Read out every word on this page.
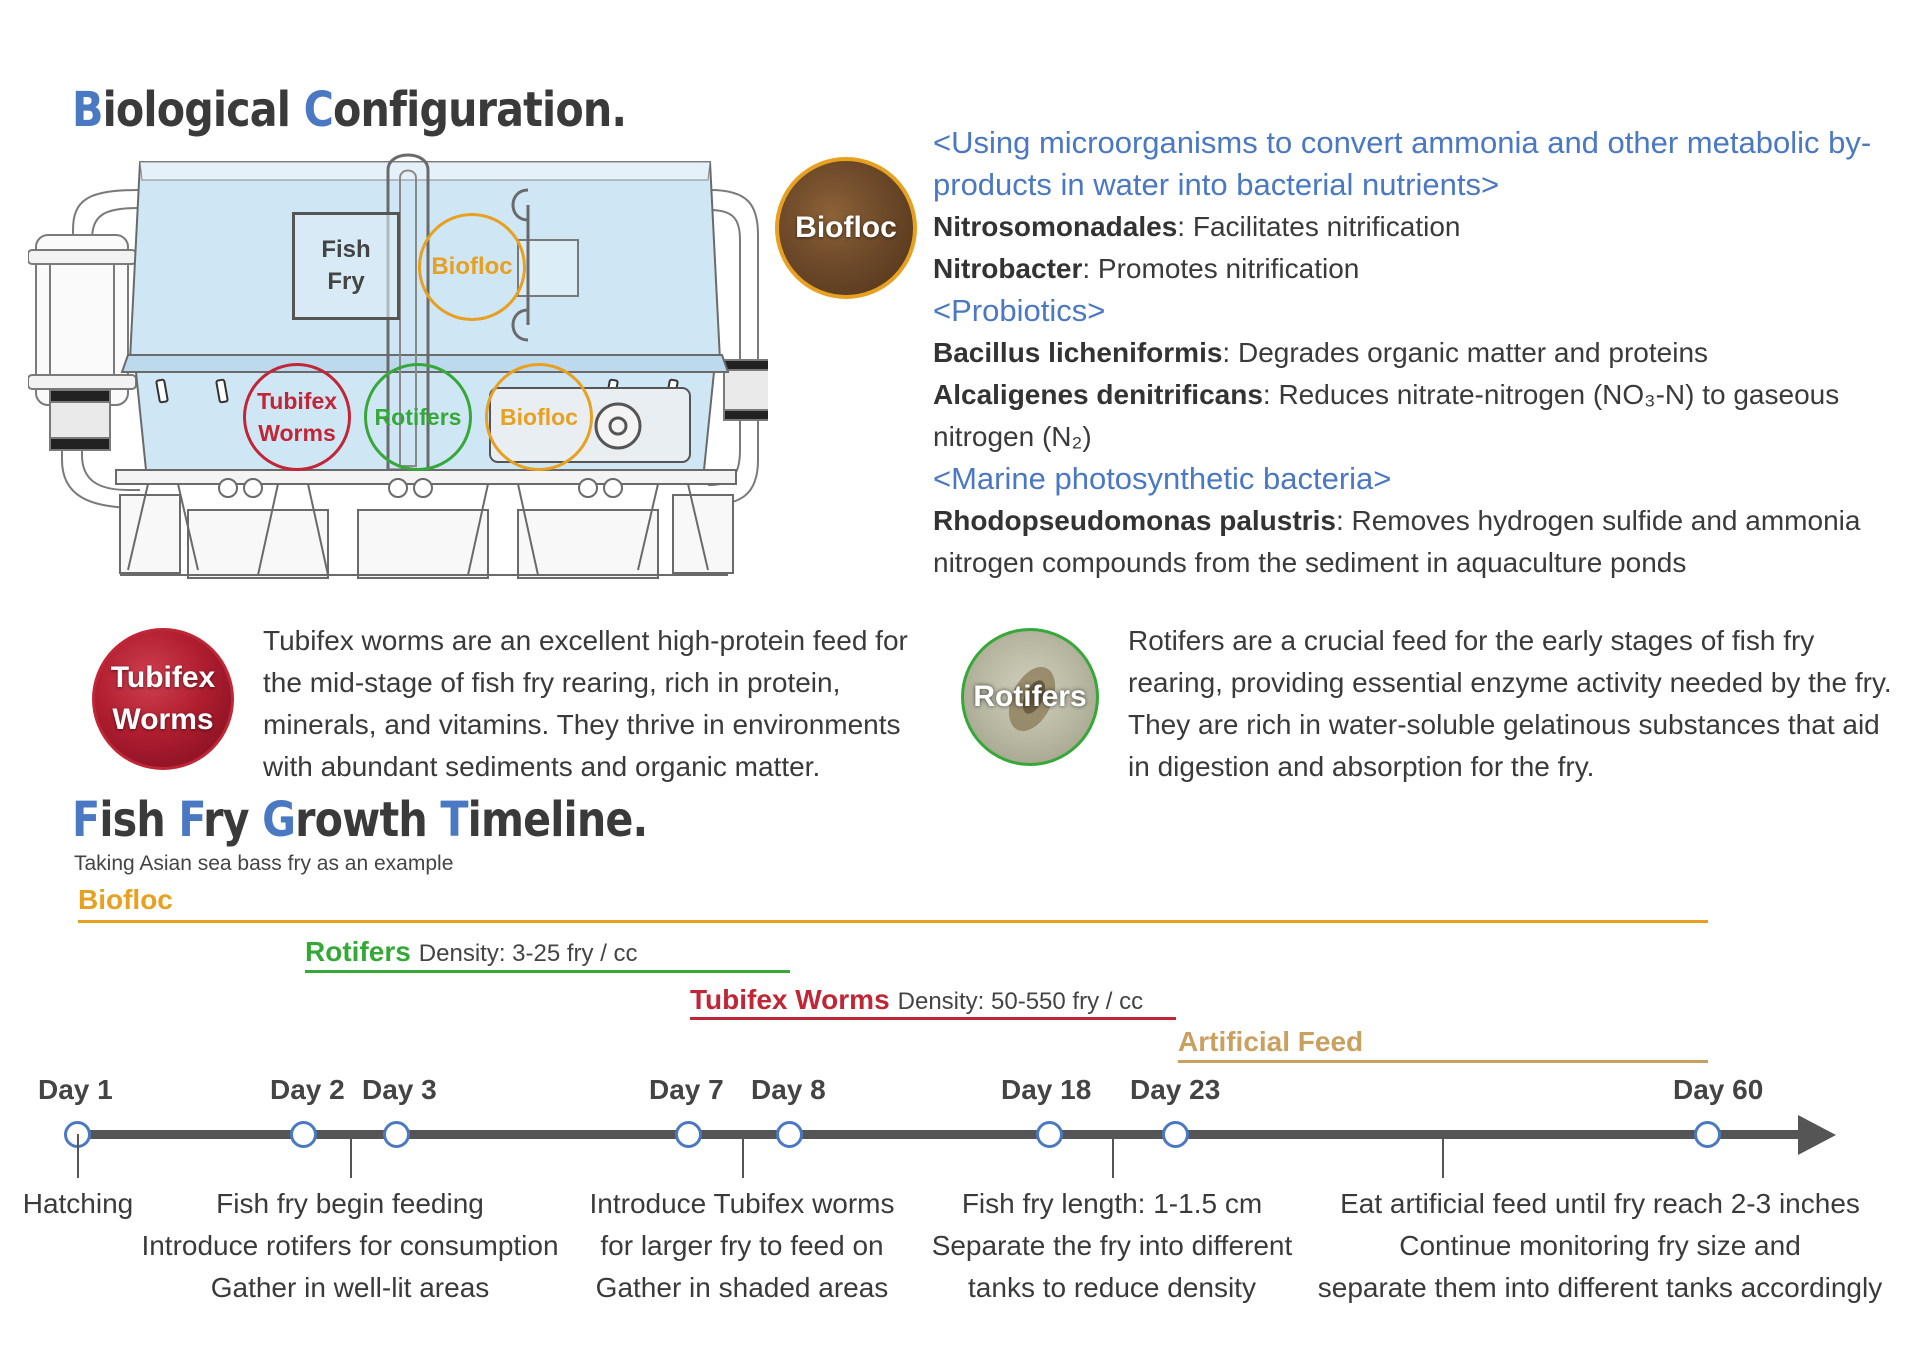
Biological Configuration.
Fish
Fry
Biofloc
Tubifex
Worms
Rotifers Biofloc
Biofloc
<Using microorganisms to convert ammonia and other metabolic by-products in water into bacterial nutrients>
Nitrosomonadales: Facilitates nitrification
Nitrobacter: Promotes nitrification
<Probiotics>
Bacillus licheniformis: Degrades organic matter and proteins
Alcaligenes denitrificans: Reduces nitrate-nitrogen (NO₃-N) to gaseous nitrogen (N₂)
<Marine photosynthetic bacteria>
Rhodopseudomonas palustris: Removes hydrogen sulfide and ammonia nitrogen compounds from the sediment in aquaculture ponds
Tubifex
Worms
Tubifex worms are an excellent high-protein feed for the mid-stage of fish fry rearing, rich in protein, minerals, and vitamins. They thrive in environments with abundant sediments and organic matter.
Rotifers
Rotifers are a crucial feed for the early stages of fish fry rearing, providing essential enzyme activity needed by the fry. They are rich in water-soluble gelatinous substances that aid in digestion and absorption for the fry.
Fish Fry Growth Timeline.
Taking Asian sea bass fry as an example
Biofloc
Rotifers Density: 3-25 fry / cc
Tubifex Worms Density: 50-550 fry / cc
Artificial Feed
Day 1	Day 2 Day 3	Day 7 Day 8	Day 18 Day 23	Day 60
Hatching	Fish fry begin feeding
Introduce rotifers for consumption
Gather in well-lit areas
Introduce Tubifex worms
for larger fry to feed on
Gather in shaded areas
Fish fry length: 1-1.5 cm
Separate the fry into different
tanks to reduce density
Eat artificial feed until fry reach 2-3 inches
Continue monitoring fry size and
separate them into different tanks accordingly
